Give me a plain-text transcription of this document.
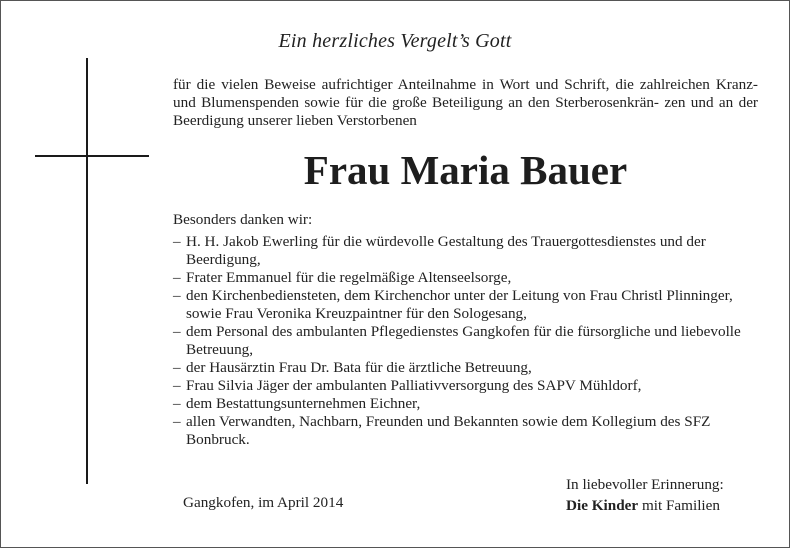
Ein herzliches Vergelt’s Gott
für die vielen Beweise aufrichtiger Anteilnahme in Wort und Schrift, die zahlreichen Kranz- und Blumenspenden sowie für die große Beteiligung an den Sterberosenkrän- zen und an der Beerdigung unserer lieben Verstorbenen
Frau Maria Bauer
Besonders danken wir:
– H. H. Jakob Ewerling für die würdevolle Gestaltung des Trauergottesdienstes und der Beerdigung,
– Frater Emmanuel für die regelmäßige Altenseelsorge,
– den Kirchenbediensteten, dem Kirchenchor unter der Leitung von Frau Christl Plinninger, sowie Frau Veronika Kreuzpaintner für den Sologesang,
– dem Personal des ambulanten Pflegedienstes Gangkofen für die fürsorgliche und liebevolle Betreuung,
– der Hausärztin Frau Dr. Bata für die ärztliche Betreuung,
– Frau Silvia Jäger der ambulanten Palliativversorgung des SAPV Mühldorf,
– dem Bestattungsunternehmen Eichner,
– allen Verwandten, Nachbarn, Freunden und Bekannten sowie dem Kollegium des SFZ Bonbruck.
Gangkofen, im April 2014
In liebevoller Erinnerung:
Die Kinder mit Familien
